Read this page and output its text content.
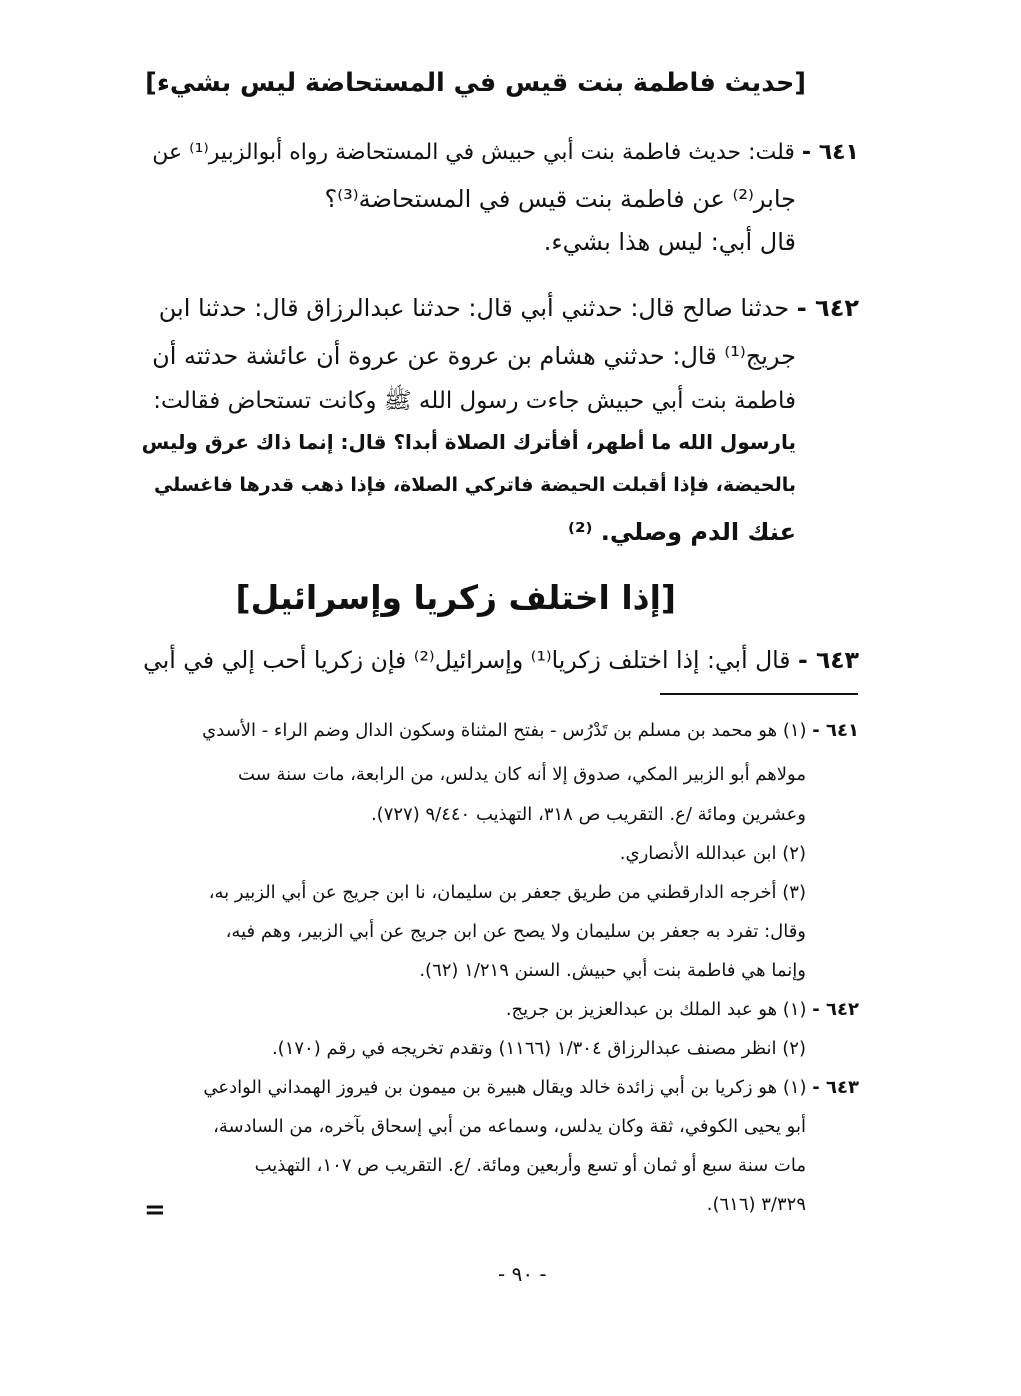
[حديث فاطمة بنت قيس في المستحاضة ليس بشيء]
٦٤١ - قلت: حديث فاطمة بنت أبي حبيش في المستحاضة رواه أبوالزبير⁽¹⁾ عن
جابر⁽²⁾ عن فاطمة بنت قيس في المستحاضة⁽³⁾؟
قال أبي: ليس هذا بشيء.
٦٤٢ - حدثنا صالح قال: حدثني أبي قال: حدثنا عبدالرزاق قال: حدثنا ابن
جريج⁽¹⁾ قال: حدثني هشام بن عروة عن عروة أن عائشة حدثته أن
فاطمة بنت أبي حبيش جاءت رسول الله ﷺ وكانت تستحاض فقالت:
يارسول الله ما أطهر، أفأترك الصلاة أبدا؟ قال: إنما ذاك عرق وليس
بالحيضة، فإذا أقبلت الحيضة فاتركي الصلاة، فإذا ذهب قدرها فاغسلي
عنك الدم وصلي. ⁽²⁾
[إذا اختلف زكريا وإسرائيل]
٦٤٣ - قال أبي: إذا اختلف زكريا⁽¹⁾ وإسرائيل⁽²⁾ فإن زكريا أحب إلي في أبي
٦٤١ - (١) هو محمد بن مسلم بن تَدْرُس - بفتح المثناة وسكون الدال وضم الراء - الأسدي
مولاهم أبو الزبير المكي، صدوق إلا أنه كان يدلس، من الرابعة، مات سنة ست
وعشرين ومائة /ع. التقريب ص ٣١٨، التهذيب ٩/٤٤٠ (٧٢٧).
(٢) ابن عبدالله الأنصاري.
(٣) أخرجه الدارقطني من طريق جعفر بن سليمان، نا ابن جريج عن أبي الزبير به،
وقال: تفرد به جعفر بن سليمان ولا يصح عن ابن جريج عن أبي الزبير، وهم فيه،
وإنما هي فاطمة بنت أبي حبيش. السنن ١/٢١٩ (٦٢).
٦٤٢ - (١) هو عبد الملك بن عبدالعزيز بن جريج.
(٢) انظر مصنف عبدالرزاق ١/٣٠٤ (١١٦٦) وتقدم تخريجه في رقم (١٧٠).
٦٤٣ - (١) هو زكريا بن أبي زائدة خالد ويقال هبيرة بن ميمون بن فيروز الهمداني الوادعي
أبو يحيى الكوفي، ثقة وكان يدلس، وسماعه من أبي إسحاق بآخره، من السادسة،
مات سنة سبع أو ثمان أو تسع وأربعين ومائة. /ع. التقريب ص ١٠٧، التهذيب
٣/٣٢٩ (٦١٦).
=
- ٩٠ -
